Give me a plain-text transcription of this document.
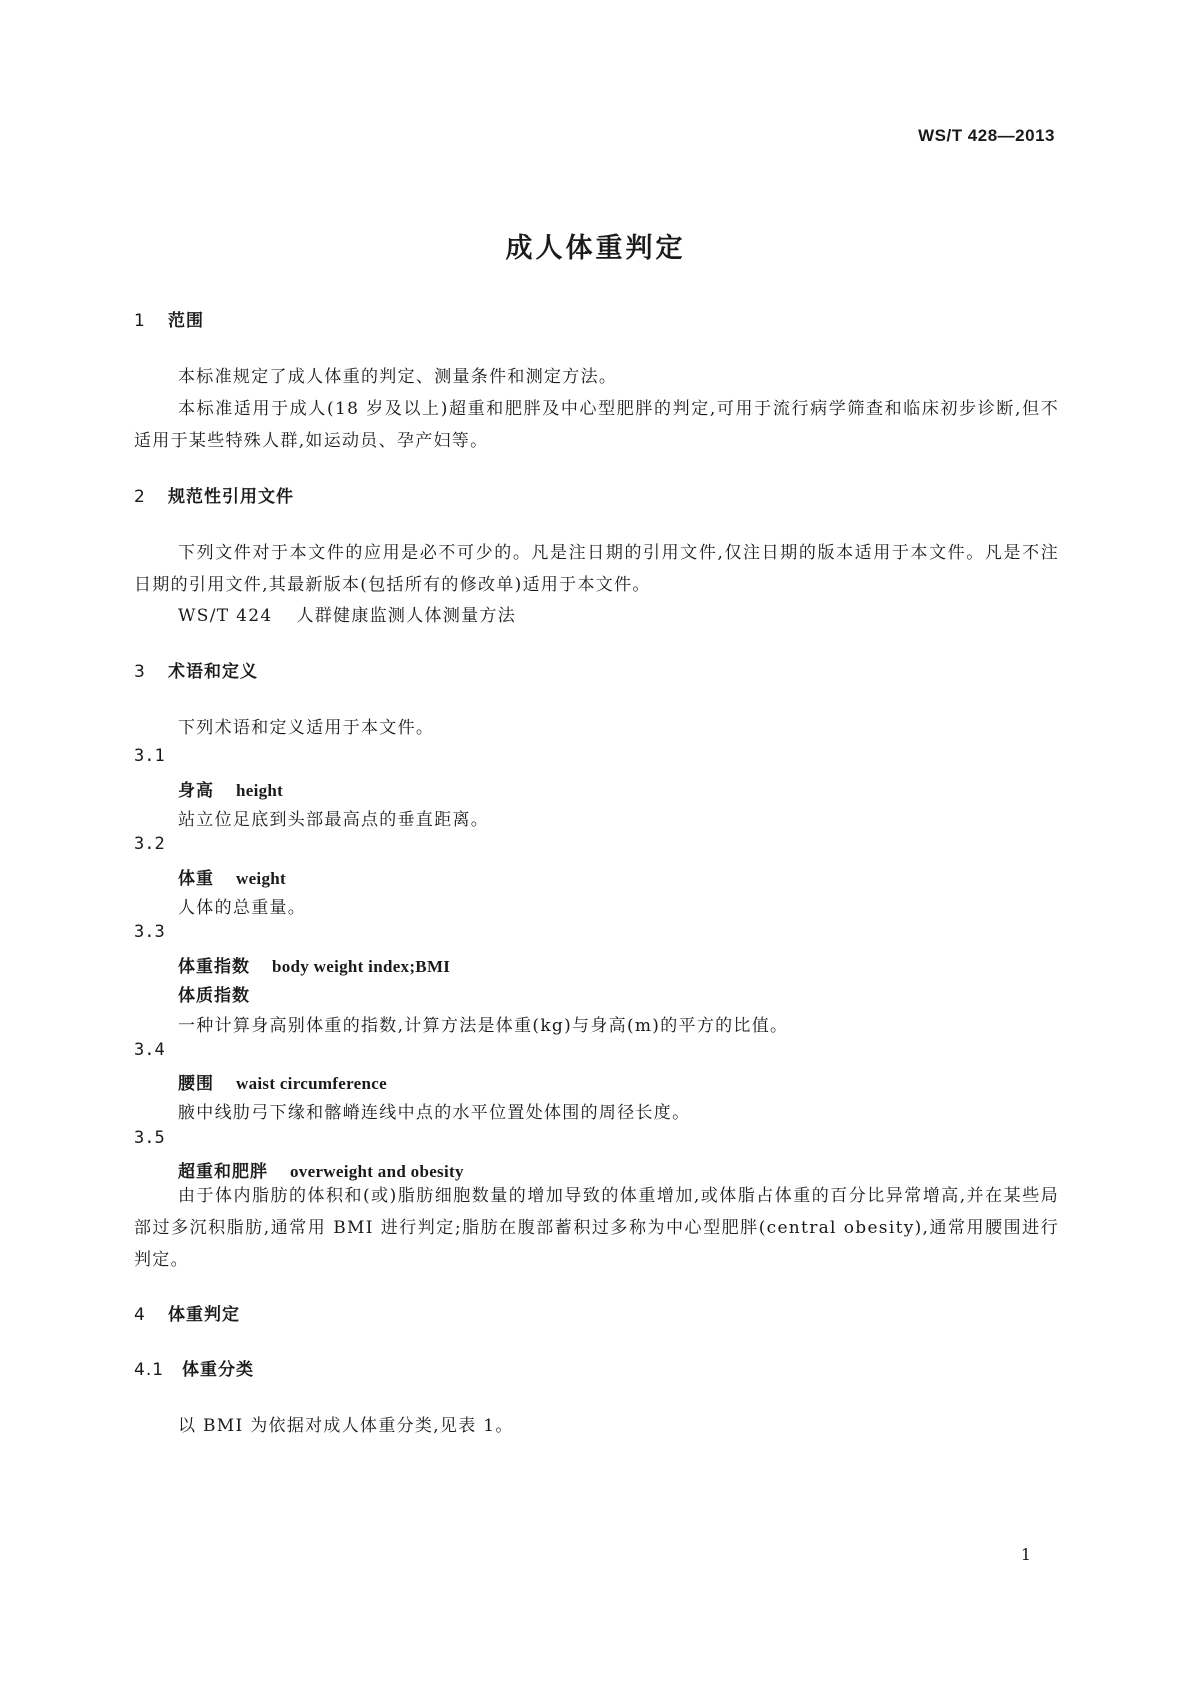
WS/T 428—2013
成人体重判定
1 范围
本标准规定了成人体重的判定、测量条件和测定方法。
本标准适用于成人(18 岁及以上)超重和肥胖及中心型肥胖的判定,可用于流行病学筛查和临床初步诊断,但不适用于某些特殊人群,如运动员、孕产妇等。
2 规范性引用文件
下列文件对于本文件的应用是必不可少的。凡是注日期的引用文件,仅注日期的版本适用于本文件。凡是不注日期的引用文件,其最新版本(包括所有的修改单)适用于本文件。
WS/T 424 人群健康监测人体测量方法
3 术语和定义
下列术语和定义适用于本文件。
3.1
身高 height
站立位足底到头部最高点的垂直距离。
3.2
体重 weight
人体的总重量。
3.3
体重指数 body weight index;BMI
体质指数
一种计算身高别体重的指数,计算方法是体重(kg)与身高(m)的平方的比值。
3.4
腰围 waist circumference
腋中线肋弓下缘和髂嵴连线中点的水平位置处体围的周径长度。
3.5
超重和肥胖 overweight and obesity
由于体内脂肪的体积和(或)脂肪细胞数量的增加导致的体重增加,或体脂占体重的百分比异常增高,并在某些局部过多沉积脂肪,通常用 BMI 进行判定;脂肪在腹部蓄积过多称为中心型肥胖(central obesity),通常用腰围进行判定。
4 体重判定
4.1 体重分类
以 BMI 为依据对成人体重分类,见表 1。
1
